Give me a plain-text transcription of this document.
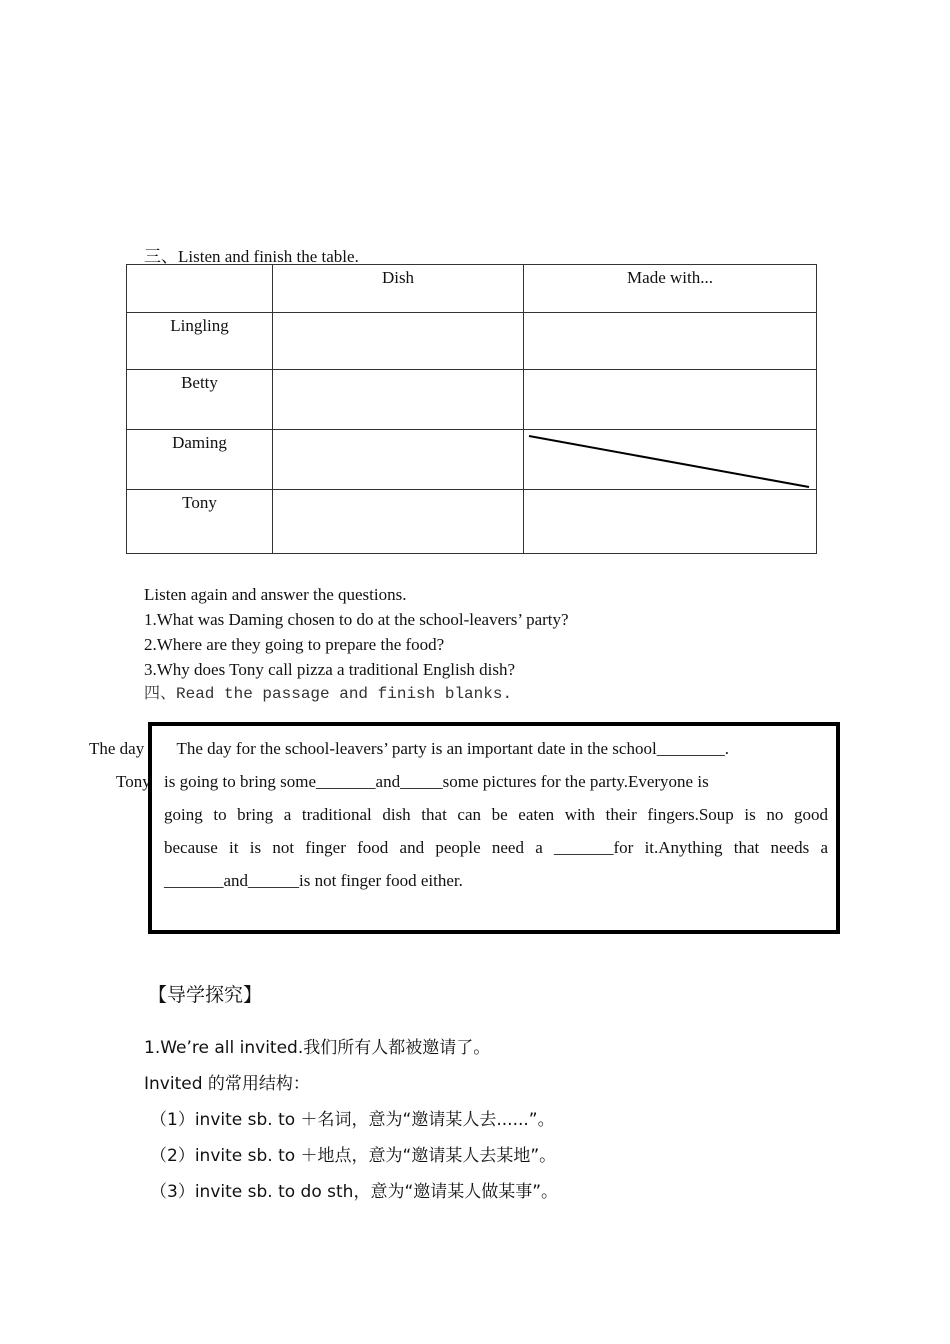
三、Listen and finish the table.

	Dish	Made with...

Lingling		

Betty		

Daming

Tony		

Listen again and answer the questions.
1.What was Daming chosen to do at the school-leavers’ party?
2.Where are they going to prepare the food?
3.Why does Tony call pizza a traditional English dish?
四、Read the passage and finish blanks.
The day
Tony
The day for the school-leavers’ party is an important date in the school________.
is going to bring some_______and_____some pictures for the party.Everyone is
going to bring a traditional dish that can be eaten with their fingers.Soup is no good
because it is not finger food and people need a _______for it.Anything that needs a
_______and______is not finger food either.
【导学探究】
1.We’re all invited.我们所有人都被邀请了。
Invited 的常用结构：
（1）invite sb. to ＋名词，意为“邀请某人去......”。
（2）invite sb. to ＋地点，意为“邀请某人去某地”。
（3）invite sb. to do sth，意为“邀请某人做某事”。
